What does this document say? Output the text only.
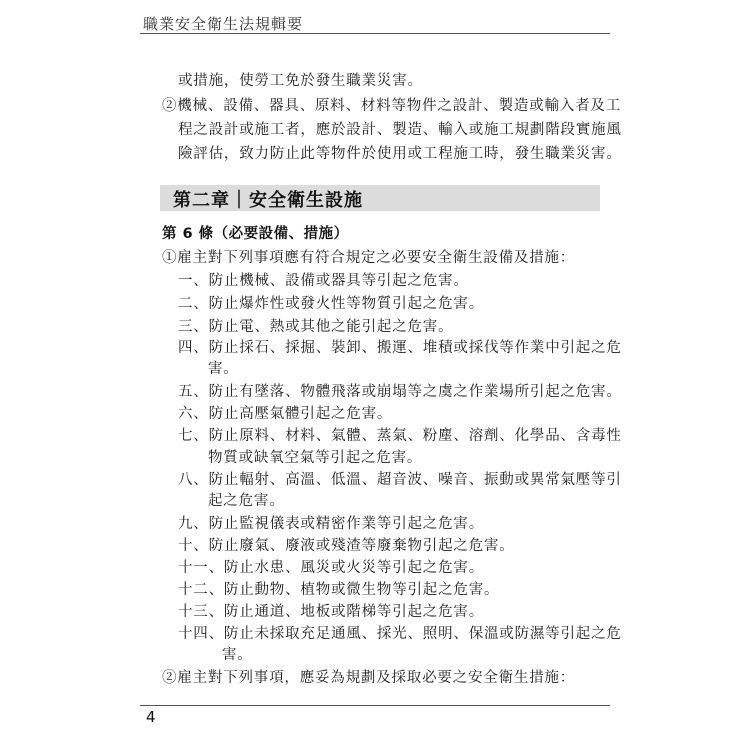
職業安全衛生法規輯要
或措施，使勞工免於發生職業災害。
②機械、設備、器具、原料、材料等物件之設計、製造或輸入者及工
程之設計或施工者，應於設計、製造、輸入或施工規劃階段實施風
險評估，致力防止此等物件於使用或工程施工時，發生職業災害。
第二章｜安全衛生設施
第 6 條（必要設備、措施）
①雇主對下列事項應有符合規定之必要安全衛生設備及措施：
一、防止機械、設備或器具等引起之危害。
二、防止爆炸性或發火性等物質引起之危害。
三、防止電、熱或其他之能引起之危害。
四、防止採石、採掘、裝卸、搬運、堆積或採伐等作業中引起之危
害。
五、防止有墜落、物體飛落或崩塌等之虞之作業場所引起之危害。
六、防止高壓氣體引起之危害。
七、防止原料、材料、氣體、蒸氣、粉塵、溶劑、化學品、含毒性
物質或缺氧空氣等引起之危害。
八、防止輻射、高溫、低溫、超音波、噪音、振動或異常氣壓等引
起之危害。
九、防止監視儀表或精密作業等引起之危害。
十、防止廢氣、廢液或殘渣等廢棄物引起之危害。
十一、防止水患、風災或火災等引起之危害。
十二、防止動物、植物或微生物等引起之危害。
十三、防止通道、地板或階梯等引起之危害。
十四、防止未採取充足通風、採光、照明、保溫或防濕等引起之危
害。
②雇主對下列事項，應妥為規劃及採取必要之安全衛生措施：
4
